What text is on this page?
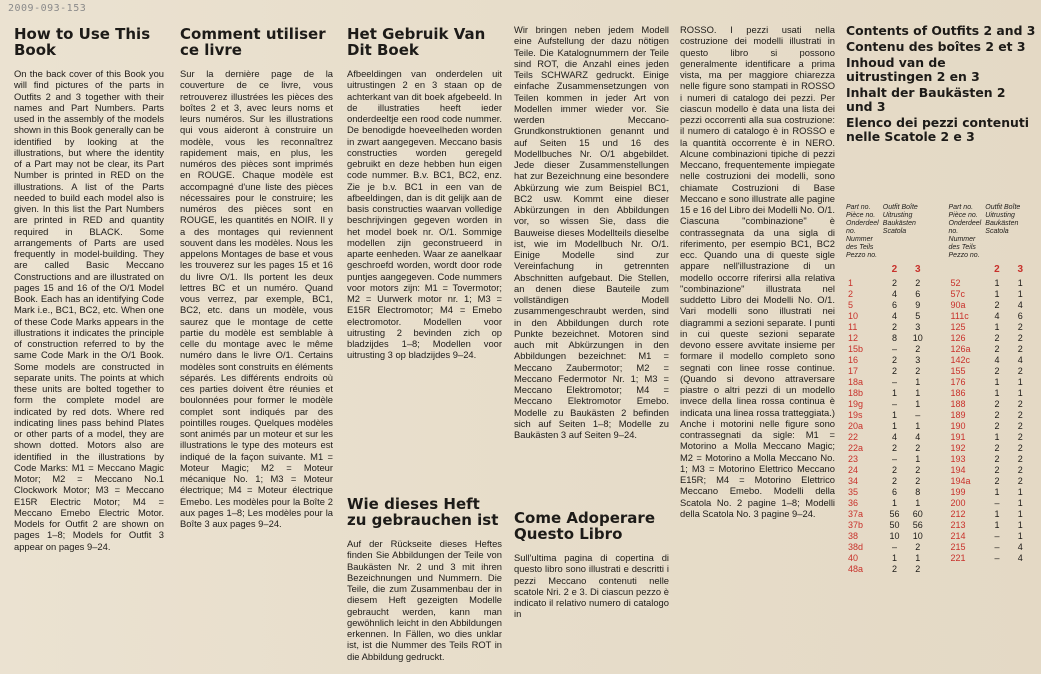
2009-093-153
How to Use This Book
On the back cover of this Book you will find pictures of the parts in Outfits 2 and 3 together with their names and Part Numbers. Parts used in the assembly of the models shown in this Book generally can be identified by looking at the illustrations, but where the identity of a Part may not be clear, its Part Number is printed in RED on the illustrations. A list of the Parts needed to build each model also is given. In this list the Part Numbers are printed in RED and quantity required in BLACK. Some arrangements of Parts are used frequently in model-building. They are called Basic Meccano Constructions and are illustrated on pages 15 and 16 of the O/1 Model Book. Each has an identifying Code Mark i.e., BC1, BC2, etc. When one of these Code Marks appears in the illustrations it indicates the principle of construction referred to by the same Code Mark in the O/1 Book. Some models are constructed in separate units. The points at which these units are bolted together to form the complete model are indicated by red dots. Where red indicating lines pass behind Plates or other parts of a model, they are shown dotted. Motors also are identified in the illustrations by Code Marks: M1 = Meccano Magic Motor; M2 = Meccano No.1 Clockwork Motor; M3 = Meccano E15R Electric Motor; M4 = Meccano Emebo Electric Motor. Models for Outfit 2 are shown on pages 1–8; Models for Outfit 3 appear on pages 9–24.
Comment utiliser ce livre
Sur la dernière page de la couverture de ce livre, vous retrouverez illustrées les pièces des boîtes 2 et 3, avec leurs noms et leurs numéros. Sur les illustrations qui vous aideront à construire un modèle, vous les reconnaîtrez rapidement mais, en plus, les numéros des pièces sont imprimés en ROUGE. Chaque modèle est accompagné d'une liste des pièces nécessaires pour le construire; les numéros des pièces sont en ROUGE, les quantités en NOIR. Il y a des montages qui reviennent souvent dans les modèles. Nous les appelons Montages de base et vous les trouverez sur les pages 15 et 16 du livre O/1. Ils portent les deux lettres BC et un numéro. Quand vous verrez, par exemple, BC1, BC2, etc. dans un modèle, vous saurez que le montage de cette partie du modèle est semblable à celle du montage avec le même numéro dans le livre O/1. Certains modèles sont construits en éléments séparés. Les différents endroits où ces parties doivent être réunies et boulonnées pour former le modèle complet sont indiqués par des pointilles rouges. Quelques modèles sont animés par un moteur et sur les illustrations le type des moteurs est indiqué de la façon suivante. M1 = Moteur Magic; M2 = Moteur mécanique No. 1; M3 = Moteur électrique; M4 = Moteur électrique Emebo. Les modèles pour la Boîte 2 aux pages 1–8; Les modèles pour la Boîte 3 aux pages 9–24.
Het Gebruik Van Dit Boek
Afbeeldingen van onderdelen uit uitrustingen 2 en 3 staan op de achterkant van dit boek afgebeeld. In de illustraties heeft ieder onderdeeltje een rood code nummer. De benodigde hoeveelheden worden in zwart aangegeven. Meccano basis constructies worden geregeld gebruikt en deze hebben hun eigen code nummer. B.v. BC1, BC2, enz. Zie je b.v. BC1 in een van de afbeeldingen, dan is dit gelijk aan de basis constructies waarvan volledige beschrijvingen gegeven worden in het model boek nr. O/1. Sommige modellen zijn geconstrueerd in aparte eenheden. Waar ze aanelkaar geschroefd worden, wordt door rode puntjes aangegeven. Code nummers voor motors zijn: M1 = Tovermotor; M2 = Uurwerk motor nr. 1; M3 = E15R Electromotor; M4 = Emebo electromotor. Modellen voor uitrusting 2 bevinden zich op bladzijdes 1–8; Modellen voor uitrusting 3 op bladzijdes 9–24.
Wie dieses Heft zu gebrauchen ist
Auf der Rückseite dieses Heftes finden Sie Abbildungen der Teile von Baukästen Nr. 2 und 3 mit ihren Bezeichnungen und Nummern. Die Teile, die zum Zusammenbau der in diesem Heft gezeigten Modelle gebraucht werden, kann man gewöhnlich leicht in den Abbildungen erkennen. In Fällen, wo dies unklar ist, ist die Nummer des Teils ROT in die Abbildung gedruckt.
Wir bringen neben jedem Modell eine Aufstellung der dazu nötigen Teile. Die Katalognummern der Teile sind ROT, die Anzahl eines jeden Teils SCHWARZ gedruckt. Einige einfache Zusammensetzungen von Teilen kommen in jeder Art von Modellen immer wieder vor. Sie werden Meccano-Grundkonstruktionen genannt und auf Seiten 15 und 16 des Modellbuches Nr. O/1 abgebildet. Jede dieser Zusammenstellungen hat zur Bezeichnung eine besondere Abkürzung wie zum Beispiel BC1, BC2 usw. Kommt eine dieser Abkürzungen in den Abbildungen vor, so wissen Sie, dass die Bauweise dieses Modellteils dieselbe ist, wie im Modellbuch Nr. O/1. Einige Modelle sind zur Vereinfachung in getrennten Abschnitten aufgebaut. Die Stellen, an denen diese Bauteile zum vollständigen Modell zusammengeschraubt werden, sind in den Abbildungen durch rote Punkte bezeichnet. Motoren sind auch mit Abkürzungen in den Abbildungen bezeichnet: M1 = Meccano Zaubermotor; M2 = Meccano Federmotor Nr. 1; M3 = Meccano Elektromotor; M4 = Meccano Elektromotor Emebo. Modelle zu Baukästen 2 befinden sich auf Seiten 1–8; Modelle zu Baukästen 3 auf Seiten 9–24.
Come Adoperare Questo Libro
Sull'ultima pagina di copertina di questo libro sono illustrati e descritti i pezzi Meccano contenuti nelle scatole Nri. 2 e 3. Di ciascun pezzo è indicato il relativo numero di catalogo in
ROSSO. I pezzi usati nella costruzione dei modelli illustrati in questo libro si possono generalmente identificare a prima vista, ma per maggiore chiarezza nelle figure sono stampati in ROSSO i numeri di catalogo dei pezzi. Per ciascun modello è data una lista dei pezzi occorrenti alla sua costruzione: il numero di catalogo è in ROSSO e la quantità occorrente è in NERO. Alcune combinazioni tipiche di pezzi Meccano, frequentemente impiegate nelle costruzioni dei modelli, sono chiamate Costruzioni di Base Meccano e sono illustrate alle pagine 15 e 16 del Libro dei Modelli No. O/1. Ciascuna "combinazione" è contrassegnata da una sigla di riferimento, per esempio BC1, BC2 ecc. Quando una di queste sigle appare nell'illustrazione di un modello occorre riferirsi alla relativa "combinazione" illustrata nel suddetto Libro dei Modelli No. O/1. Vari modelli sono illustrati nei diagrammi a sezioni separate. I punti in cui queste sezioni separate devono essere avvitate insieme per formare il modello completo sono segnati con linee rosse continue. (Quando si devono attraversare piastre o altri pezzi di un modello invece della linea rossa continua è indicata una linea rossa tratteggiata.) Anche i motorini nelle figure sono contrassegnati da sigle: M1 = Motorino a Molla Meccano Magic; M2 = Motorino a Molla Meccano No. 1; M3 = Motorino Elettrico Meccano E15R; M4 = Motorino Elettrico Meccano Emebo. Modelli della Scatola No. 2 pagine 1–8; Modelli della Scatola No. 3 pagine 9–24.
Contents of Outfits 2 and 3
Contenu des boîtes 2 et 3
Inhoud van de uitrustingen 2 en 3
Inhalt der Baukästen 2 und 3
Elenco dei pezzi contenuti nelle Scatole 2 e 3
Part no. Pièce no. Onderdeel no. Nummer des Teils Pezzo no.	Outfit Boîte Uitrusting Baukästen Scatola			Part no. Pièce no. Onderdeel no. Nummer des Teils Pezzo no.	Outfit Boîte Uitrusting Baukästen Scatola	
	2	3			2	3
1	2	2		52	1	1
2	4	6		57c	1	1
5	6	9		90a	2	4
10	4	5		111c	4	6
11	2	3		125	1	2
12	8	10		126	2	2
15b	–	2		126a	2	2
16	2	3		142c	4	4
17	2	2		155	2	2
18a	–	1		176	1	1
18b	1	1		186	1	1
19g	–	1		188	2	2
19s	1	–		189	2	2
20a	1	1		190	2	2
22	4	4		191	1	2
22a	2	2		192	2	2
23	–	1		193	2	2
24	2	2		194	2	2
34	2	2		194a	2	2
35	6	8		199	1	1
36	1	1		200	–	1
37a	56	60		212	1	1
37b	50	56		213	1	1
38	10	10		214	–	1
38d	–	2		215	–	4
40	1	1		221	–	4
48a	2	2				
